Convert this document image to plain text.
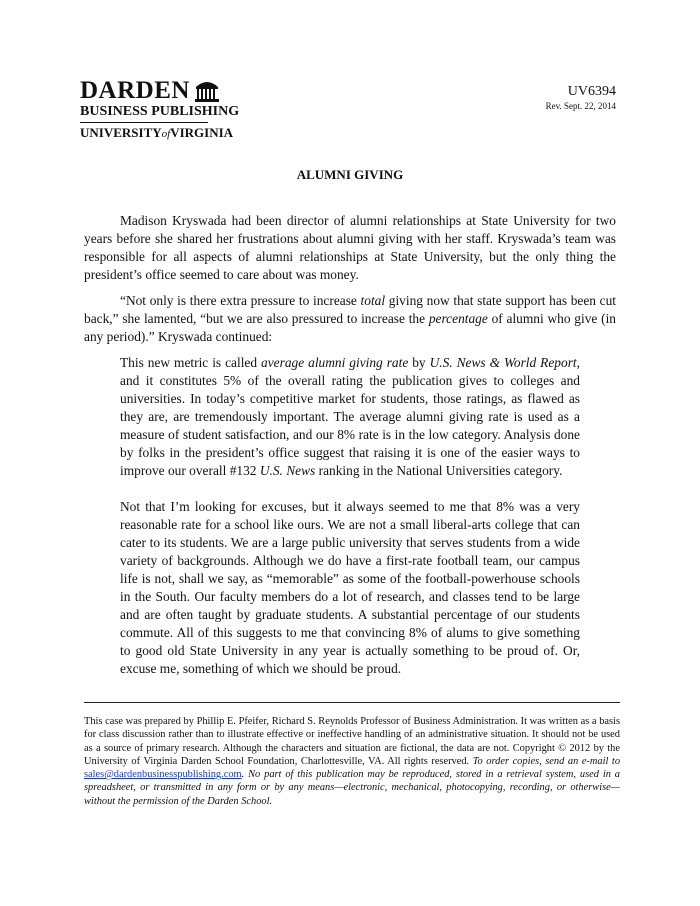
DARDEN
BUSINESS PUBLISHING
UNIVERSITYofVIRGINIA
UV6394
Rev. Sept. 22, 2014
ALUMNI GIVING

Madison Kryswada had been director of alumni relationships at State University for two years before she shared her frustrations about alumni giving with her staff. Kryswada’s team was responsible for all aspects of alumni relationships at State University, but the only thing the president’s office seemed to care about was money.

“Not only is there extra pressure to increase total giving now that state support has been cut back,” she lamented, “but we are also pressured to increase the percentage of alumni who give (in any period).” Kryswada continued:

This new metric is called average alumni giving rate by U.S. News & World Report, and it constitutes 5% of the overall rating the publication gives to colleges and universities. In today’s competitive market for students, those ratings, as flawed as they are, are tremendously important. The average alumni giving rate is used as a measure of student satisfaction, and our 8% rate is in the low category. Analysis done by folks in the president’s office suggest that raising it is one of the easier ways to improve our overall #132 U.S. News ranking in the National Universities category.

Not that I’m looking for excuses, but it always seemed to me that 8% was a very reasonable rate for a school like ours. We are not a small liberal-arts college that can cater to its students. We are a large public university that serves students from a wide variety of backgrounds. Although we do have a first-rate football team, our campus life is not, shall we say, as “memorable” as some of the football-powerhouse schools in the South. Our faculty members do a lot of research, and classes tend to be large and are often taught by graduate students. A substantial percentage of our students commute. All of this suggests to me that convincing 8% of alums to give something to good old State University in any year is actually something to be proud of. Or, excuse me, something of which we should be proud.

This case was prepared by Phillip E. Pfeifer, Richard S. Reynolds Professor of Business Administration. It was written as a basis for class discussion rather than to illustrate effective or ineffective handling of an administrative situation. It should not be used as a source of primary research. Although the characters and situation are fictional, the data are not. Copyright © 2012 by the University of Virginia Darden School Foundation, Charlottesville, VA. All rights reserved. To order copies, send an e-mail to sales@dardenbusinesspublishing.com. No part of this publication may be reproduced, stored in a retrieval system, used in a spreadsheet, or transmitted in any form or by any means—electronic, mechanical, photocopying, recording, or otherwise—without the permission of the Darden School.
